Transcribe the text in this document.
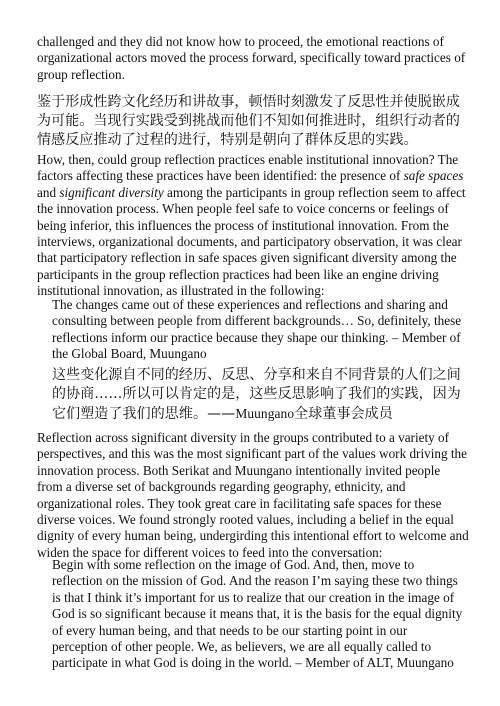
challenged and they did not know how to proceed, the emotional reactions of organizational actors moved the process forward, specifically toward practices of group reflection.

鉴于形成性跨文化经历和讲故事，顿悟时刻激发了反思性并使脱嵌成为可能。当现行实践受到挑战而他们不知如何推进时，组织行动者的情感反应推动了过程的进行，特别是朝向了群体反思的实践。

How, then, could group reflection practices enable institutional innovation? The factors affecting these practices have been identified: the presence of safe spaces and significant diversity among the participants in group reflection seem to affect the innovation process. When people feel safe to voice concerns or feelings of being inferior, this influences the process of institutional innovation. From the interviews, organizational documents, and participatory observation, it was clear that participatory reflection in safe spaces given significant diversity among the participants in the group reflection practices had been like an engine driving institutional innovation, as illustrated in the following:

The changes came out of these experiences and reflections and sharing and consulting between people from different backgrounds… So, definitely, these reflections inform our practice because they shape our thinking. – Member of the Global Board, Muungano

这些变化源自不同的经历、反思、分享和来自不同背景的人们之间的协商……所以可以肯定的是，这些反思影响了我们的实践，因为它们塑造了我们的思维。——Muungano全球董事会成员

Reflection across significant diversity in the groups contributed to a variety of perspectives, and this was the most significant part of the values work driving the innovation process. Both Serikat and Muungano intentionally invited people from a diverse set of backgrounds regarding geography, ethnicity, and organizational roles. They took great care in facilitating safe spaces for these diverse voices. We found strongly rooted values, including a belief in the equal dignity of every human being, undergirding this intentional effort to welcome and widen the space for different voices to feed into the conversation:

Begin with some reflection on the image of God. And, then, move to reflection on the mission of God. And the reason I’m saying these two things is that I think it’s important for us to realize that our creation in the image of God is so significant because it means that, it is the basis for the equal dignity of every human being, and that needs to be our starting point in our perception of other people. We, as believers, we are all equally called to participate in what God is doing in the world. – Member of ALT, Muungano
